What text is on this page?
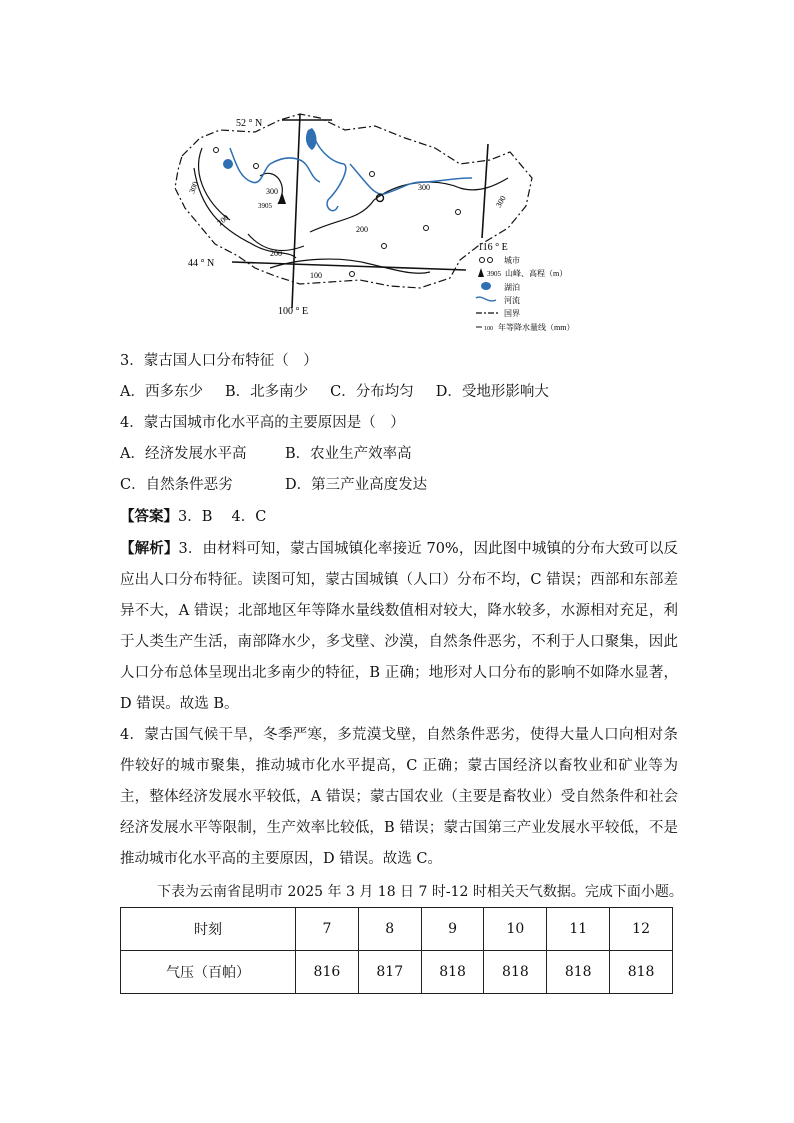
52 ° N
44 ° N
100 ° E
116 ° E
3905
300	300	300
300
200
200
200
100
城市
3905 山峰、高程（m）
湖泊
河流
国界
100 年等降水量线（mm）
3．蒙古国人口分布特征（　）
A．西多东少 B．北多南少 C．分布均匀 D．受地形影响大
4．蒙古国城市化水平高的主要原因是（　）
A．经济发展水平高	B．农业生产效率高
C．自然条件恶劣	D．第三产业高度发达
【答案】3．B　 4．C
【解析】3．由材料可知，蒙古国城镇化率接近 70%，因此图中城镇的分布大致可以反应出人口分布特征。读图可知，蒙古国城镇（人口）分布不均，C 错误；西部和东部差异不大，A 错误；北部地区年等降水量线数值相对较大，降水较多，水源相对充足，利于人类生产生活，南部降水少，多戈壁、沙漠，自然条件恶劣，不利于人口聚集，因此人口分布总体呈现出北多南少的特征，B 正确；地形对人口分布的影响不如降水显著，D 错误。故选 B。
4．蒙古国气候干旱，冬季严寒，多荒漠戈壁，自然条件恶劣，使得大量人口向相对条件较好的城市聚集，推动城市化水平提高，C 正确；蒙古国经济以畜牧业和矿业等为主，整体经济发展水平较低，A 错误；蒙古国农业（主要是畜牧业）受自然条件和社会经济发展水平等限制，生产效率比较低，B 错误；蒙古国第三产业发展水平较低，不是推动城市化水平高的主要原因，D 错误。故选 C。
下表为云南省昆明市 2025 年 3 月 18 日 7 时-12 时相关天气数据。完成下面小题。
时刻	7	8	9	10	11	12
气压（百帕）	816	817	818	818	818	818
